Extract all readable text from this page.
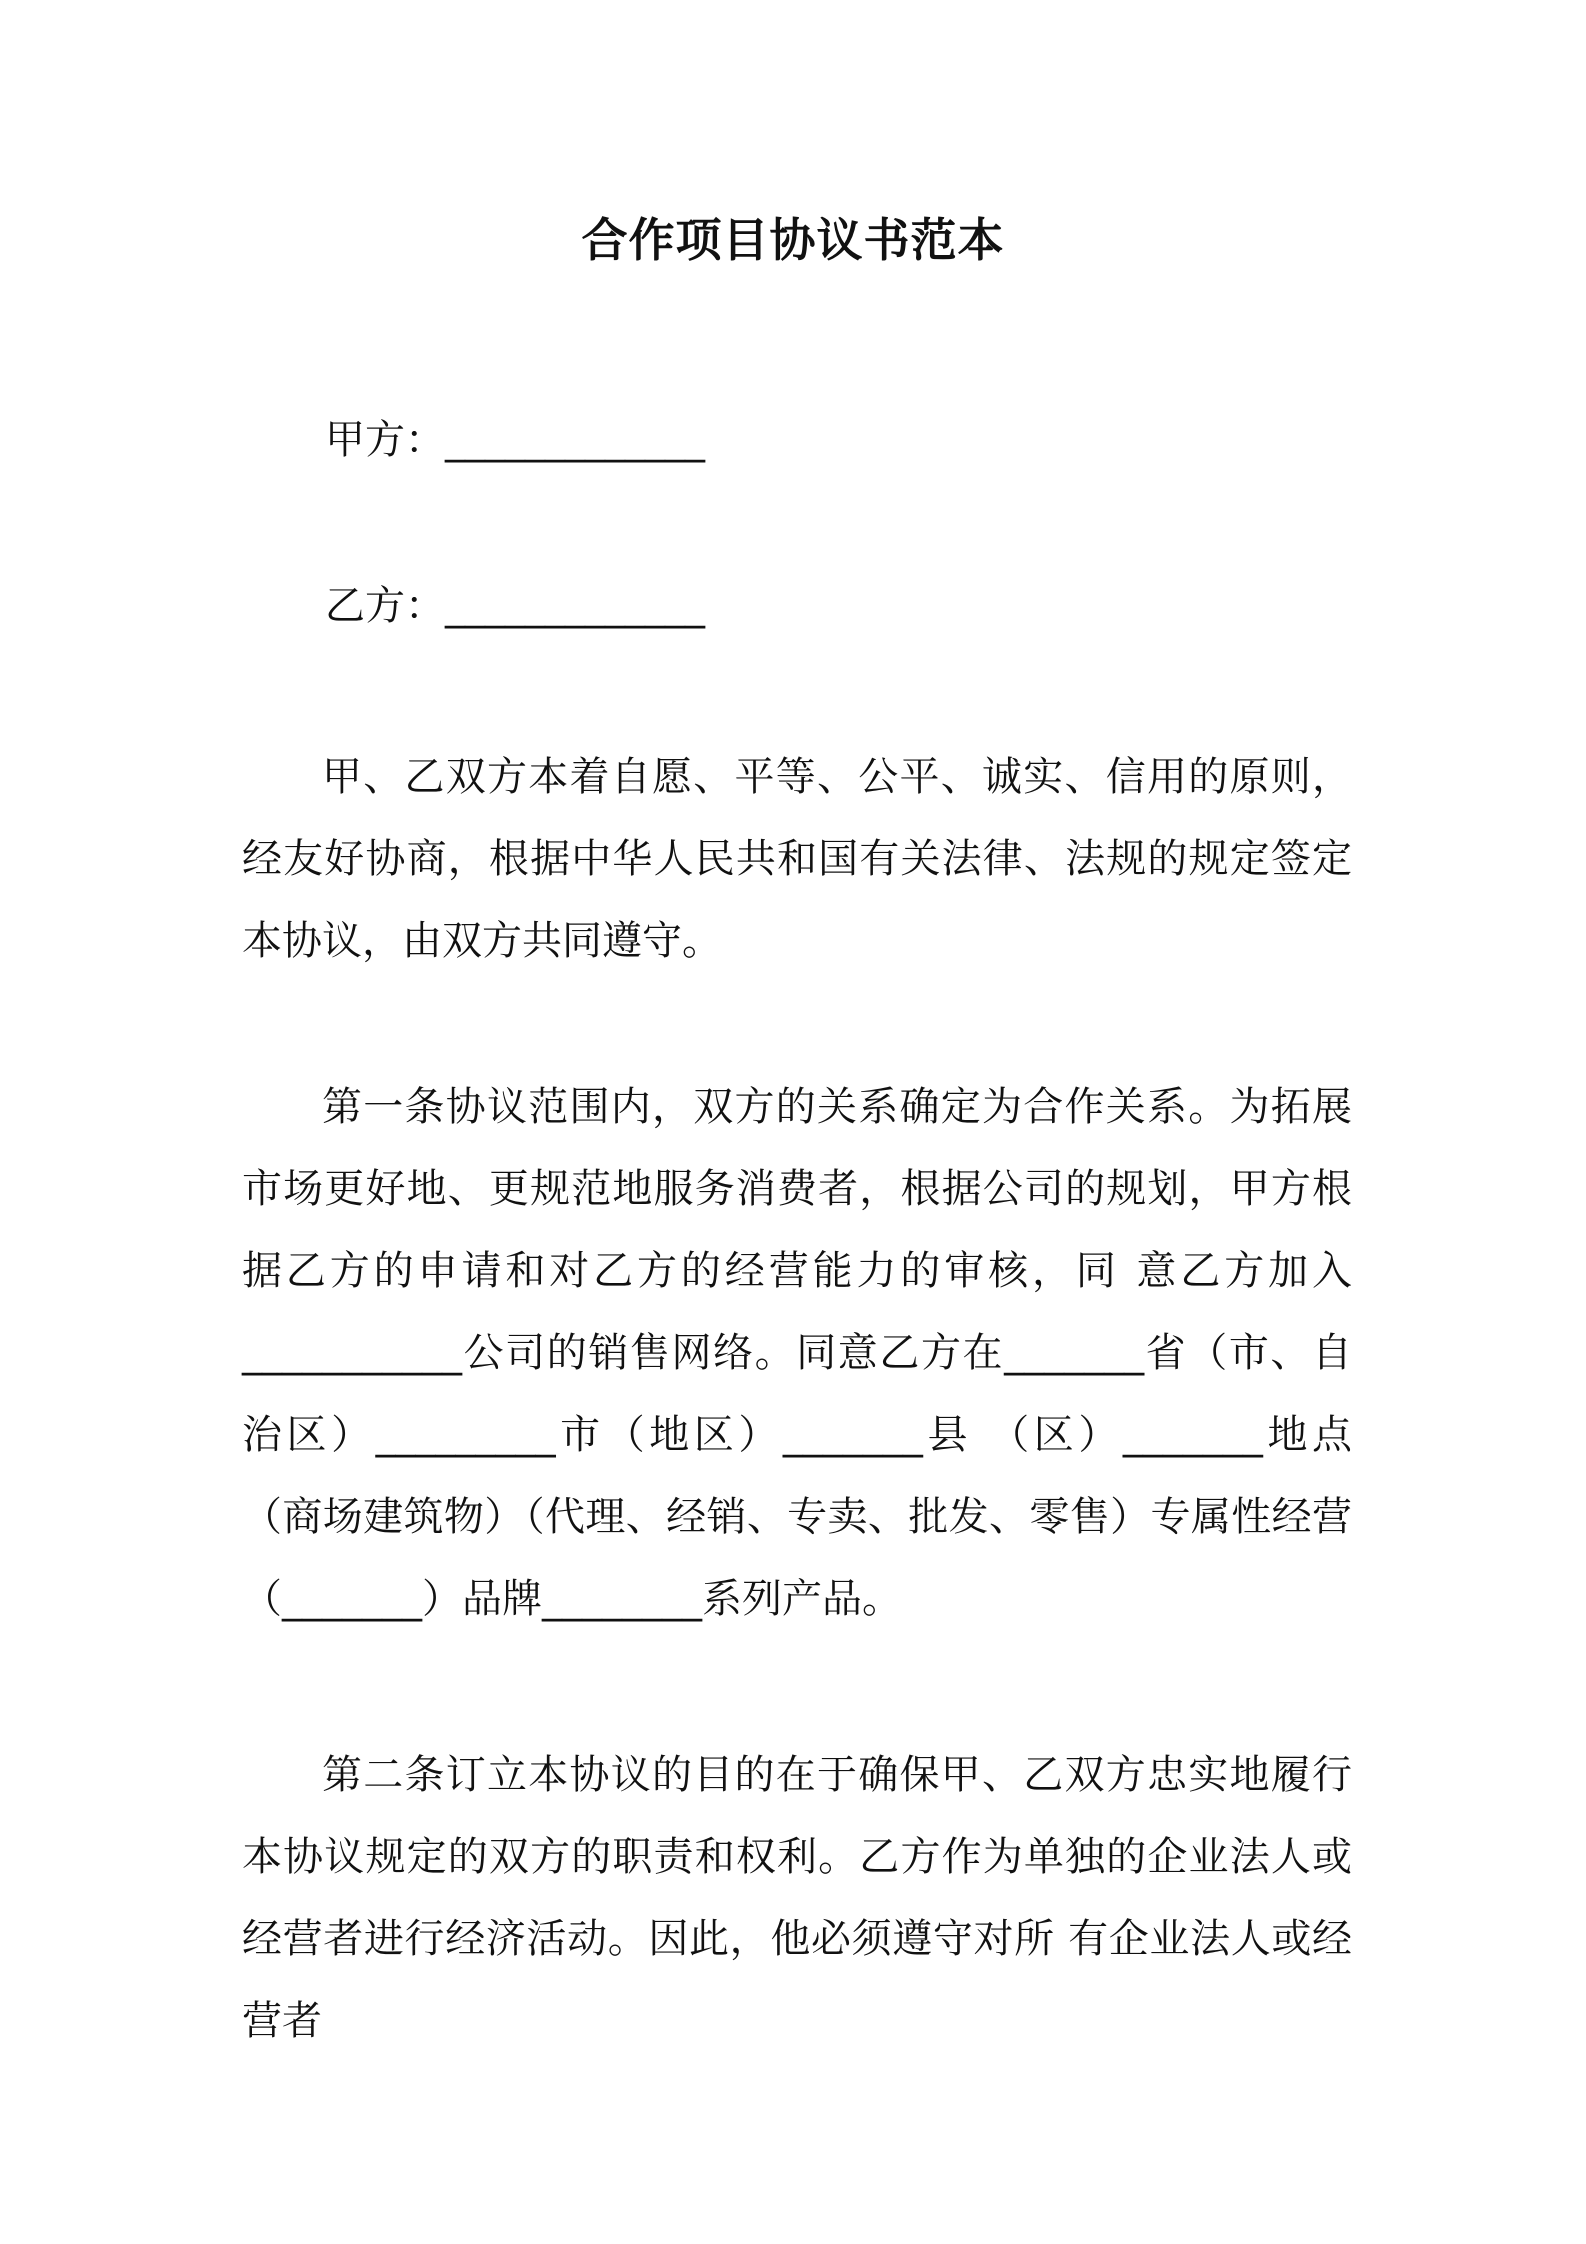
合作项目协议书范本
甲方：_____________
乙方：_____________

甲、乙双方本着自愿、平等、公平、诚实、信用的原则，经友好协商，根据中华人民共和国有关法律、法规的规定签定本协议，由双方共同遵守。

第一条协议范围内，双方的关系确定为合作关系。为拓展市场更好地、更规范地服务消费者，根据公司的规划，甲方根据乙方的申请和对乙方的经营能力的审核，同 意乙方加入___________公司的销售网络。同意乙方在_______省（市、自治区）_________市（地区）_______县 （区）_______地点（商场建筑物）（代理、经销、专卖、批发、零售）专属性经营（_______）品牌________系列产品。

第二条订立本协议的目的在于确保甲、乙双方忠实地履行本协议规定的双方的职责和权利。乙方作为单独的企业法人或经营者进行经济活动。因此，他必须遵守对所 有企业法人或经营者
